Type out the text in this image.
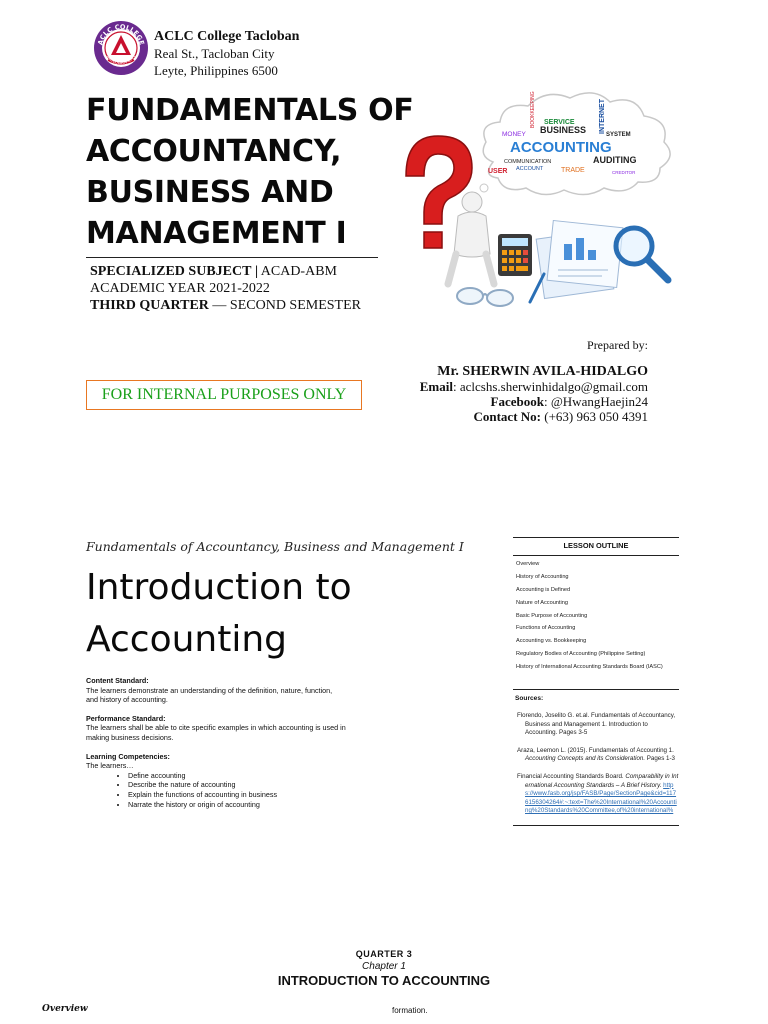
ACLC COLLEGE
TACLOBAN CITY
ACLC College Tacloban
Real St., Tacloban City
Leyte, Philippines 6500
FUNDAMENTALS OF
ACCOUNTANCY,
BUSINESS AND
MANAGEMENT I
SPECIALIZED SUBJECT | ACAD-ABM
ACADEMIC YEAR 2021-2022
THIRD QUARTER — SECOND SEMESTER
MONEY
BOOKKEEPING
BUSINESS
SERVICE	INTERNET
SYSTEM
ACCOUNTING
COMMUNICATION	AUDITING
USER	TRADE
ACCOUNT
CREDITOR
Prepared by:
Mr. SHERWIN AVILA-HIDALGO
Email: aclcshs.sherwinhidalgo@gmail.com
Facebook: @HwangHaejin24
Contact No: (+63) 963 050 4391
FOR INTERNAL PURPOSES ONLY
Fundamentals of Accountancy, Business and Management I
Introduction to
Accounting
Content Standard:
The learners demonstrate an understanding of the definition, nature, function, and history of accounting.
Performance Standard:
The learners shall be able to cite specific examples in which accounting is used in making business decisions.
Learning Competencies:
The learners…
• Define accounting
• Describe the nature of accounting
• Explain the functions of accounting in business
• Narrate the history or origin of accounting
LESSON OUTLINE
Overview
History of Accounting
Accounting is Defined
Nature of Accounting
Basic Purpose of Accounting
Functions of Accounting
Accounting vs. Bookkeeping
Regulatory Bodies of Accounting (Philippine Setting)
History of International Accounting Standards Board (IASC)
Sources:
Florendo, Joselito G. et.al. Fundamentals of Accountancy, Business and Management 1. Introduction to Accounting. Pages 3-5
Araza, Leemon L. (2015). Fundamentals of Accounting 1. Accounting Concepts and its Consideration. Pages 1-3
Financial Accounting Standards Board. Comparability in International Accounting Standards – A Brief History. https://www.fasb.org/jsp/FASB/Page/SectionPage&cid=1176156304264#:~:text=The%20International%20Accounting%20Standards%20Committee,of%20international%
QUARTER 3
Chapter 1
INTRODUCTION TO ACCOUNTING
Overview	formation.
